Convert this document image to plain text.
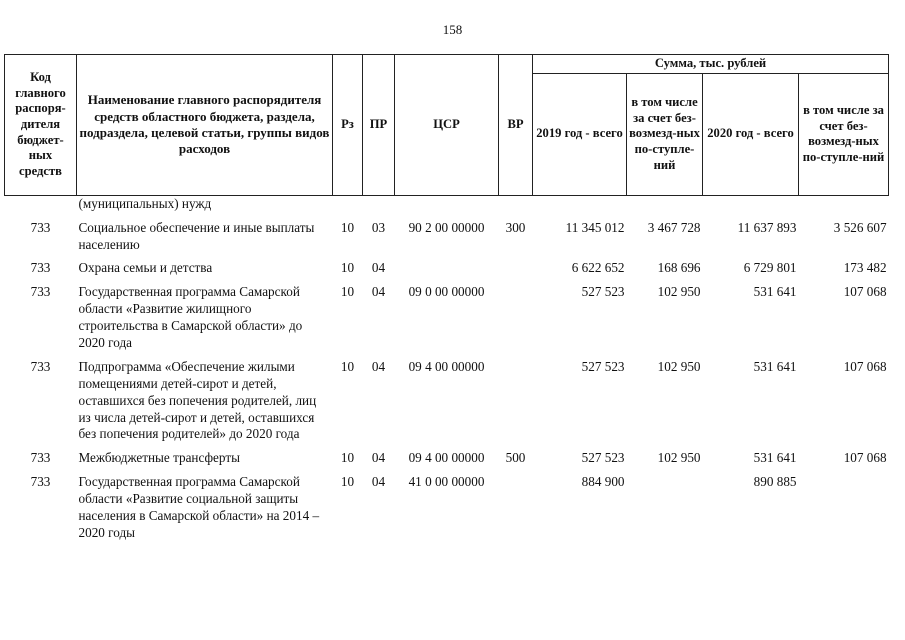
158
Код главного распоря-дителя бюджет-ных средств	Наименование главного распорядителя средств областного бюджета, раздела, подраздела, целевой статьи, группы видов расходов	Рз	ПР	ЦСР	ВР	Сумма, тыс. рублей			
						2019 год - всего	в том числе за счет без-возмезд-ных по-ступле-ний	2020 год - всего	в том числе за счет без-возмезд-ных по-ступле-ний
	(муниципальных) нужд								
733	Социальное обеспечение и иные выплаты населению	10	03	90 2 00 00000	300	11 345 012	3 467 728	11 637 893	3 526 607
733	Охрана семьи и детства	10	04			6 622 652	168 696	6 729 801	173 482
733	Государственная программа Самарской области «Развитие жилищного строительства в Самарской области» до 2020 года	10	04	09 0 00 00000		527 523	102 950	531 641	107 068
733	Подпрограмма «Обеспечение жилыми помещениями детей-сирот и детей, оставшихся без попечения родителей, лиц из числа детей-сирот и детей, оставшихся без попечения родителей» до 2020 года	10	04	09 4 00 00000		527 523	102 950	531 641	107 068
733	Межбюджетные трансферты	10	04	09 4 00 00000	500	527 523	102 950	531 641	107 068
733	Государственная программа Самарской области «Развитие социальной защиты населения в Самарской области» на 2014 – 2020 годы	10	04	41 0 00 00000		884 900		890 885	
